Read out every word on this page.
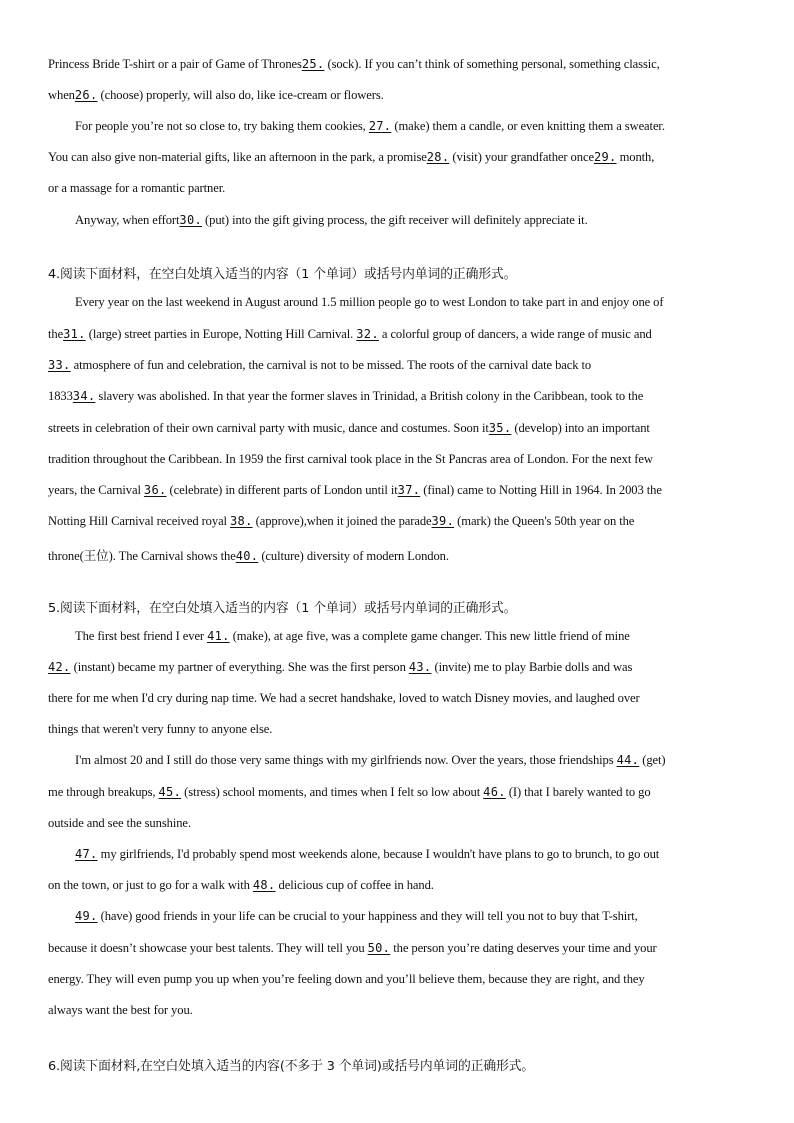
Princess Bride T-shirt or a pair of Game of Thrones25. (sock). If you can’t think of something personal, something classic,
when26. (choose) properly, will also do, like ice-cream or flowers.
For people you’re not so close to, try baking them cookies, 27. (make) them a candle, or even knitting them a sweater.
You can also give non-material gifts, like an afternoon in the park, a promise28. (visit) your grandfather once29. month,
or a massage for a romantic partner.
Anyway, when effort30. (put) into the gift giving process, the gift receiver will definitely appreciate it.
4.阅读下面材料，在空白处填入适当的内容（1 个单词）或括号内单词的正确形式。
Every year on the last weekend in August around 1.5 million people go to west London to take part in and enjoy one of
the31. (large) street parties in Europe, Notting Hill Carnival. 32. a colorful group of dancers, a wide range of music and
33. atmosphere of fun and celebration, the carnival is not to be missed. The roots of the carnival date back to
183334. slavery was abolished. In that year the former slaves in Trinidad, a British colony in the Caribbean, took to the
streets in celebration of their own carnival party with music, dance and costumes. Soon it35. (develop) into an important
tradition throughout the Caribbean. In 1959 the first carnival took place in the St Pancras area of London. For the next few
years, the Carnival 36. (celebrate) in different parts of London until it37. (final) came to Notting Hill in 1964. In 2003 the
Notting Hill Carnival received royal 38. (approve),when it joined the parade39. (mark) the Queen's 50th year on the
throne(王位). The Carnival shows the40. (culture) diversity of modern London.
5.阅读下面材料，在空白处填入适当的内容（1 个单词）或括号内单词的正确形式。
The first best friend I ever 41. (make), at age five, was a complete game changer. This new little friend of mine
42. (instant) became my partner of everything. She was the first person 43. (invite) me to play Barbie dolls and was
there for me when I'd cry during nap time. We had a secret handshake, loved to watch Disney movies, and laughed over
things that weren't very funny to anyone else.
I'm almost 20 and I still do those very same things with my girlfriends now. Over the years, those friendships 44. (get)
me through breakups, 45. (stress) school moments, and times when I felt so low about 46. (I) that I barely wanted to go
outside and see the sunshine.
47. my girlfriends, I'd probably spend most weekends alone, because I wouldn't have plans to go to brunch, to go out
on the town, or just to go for a walk with 48. delicious cup of coffee in hand.
49. (have) good friends in your life can be crucial to your happiness and they will tell you not to buy that T-shirt,
because it doesn’t showcase your best talents. They will tell you 50. the person you’re dating deserves your time and your
energy. They will even pump you up when you’re feeling down and you’ll believe them, because they are right, and they
always want the best for you.
6.阅读下面材料,在空白处填入适当的内容(不多于 3 个单词)或括号内单词的正确形式。
